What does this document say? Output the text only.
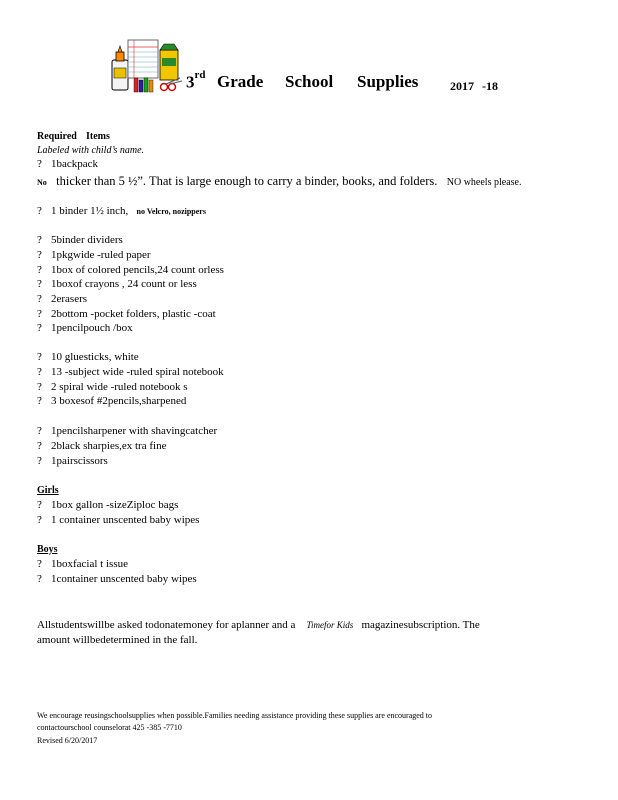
3rd Grade School Supplies	2017 -18
Required Items
Labeled with child’s name.
? 1backpack
No thicker than 5 ½”. That is large enough to carry a binder, books, and folders. NO wheels please.
? 1 binder 1½ inch, no Velcro, nozippers
? 5binder dividers
? 1pkgwide -ruled paper
? 1box of colored pencils,24 count orless
? 1boxof crayons , 24 count or less
? 2erasers
? 2bottom -pocket folders, plastic -coat
? 1pencilpouch /box
? 10 gluesticks, white
? 13 -subject wide -ruled spiral notebook
? 2 spiral wide -ruled notebook s
? 3 boxesof #2pencils,sharpened
? 1pencilsharpener with shavingcatcher
? 2black sharpies,ex tra fine
? 1pairscissors
Girls
? 1box gallon -sizeZiploc bags
? 1 container unscented baby wipes
Boys
? 1boxfacial t issue
? 1container unscented baby wipes
Allstudentswillbe asked todonatemoney for aplanner and a Timefor Kids magazinesubscription. The
amount willbedetermined in the fall.
We encourage reusingschoolsupplies when possible.Families needing assistance providing these supplies are encouraged to
contactourschool counselorat 425 -385 -7710
Revised 6/20/2017
